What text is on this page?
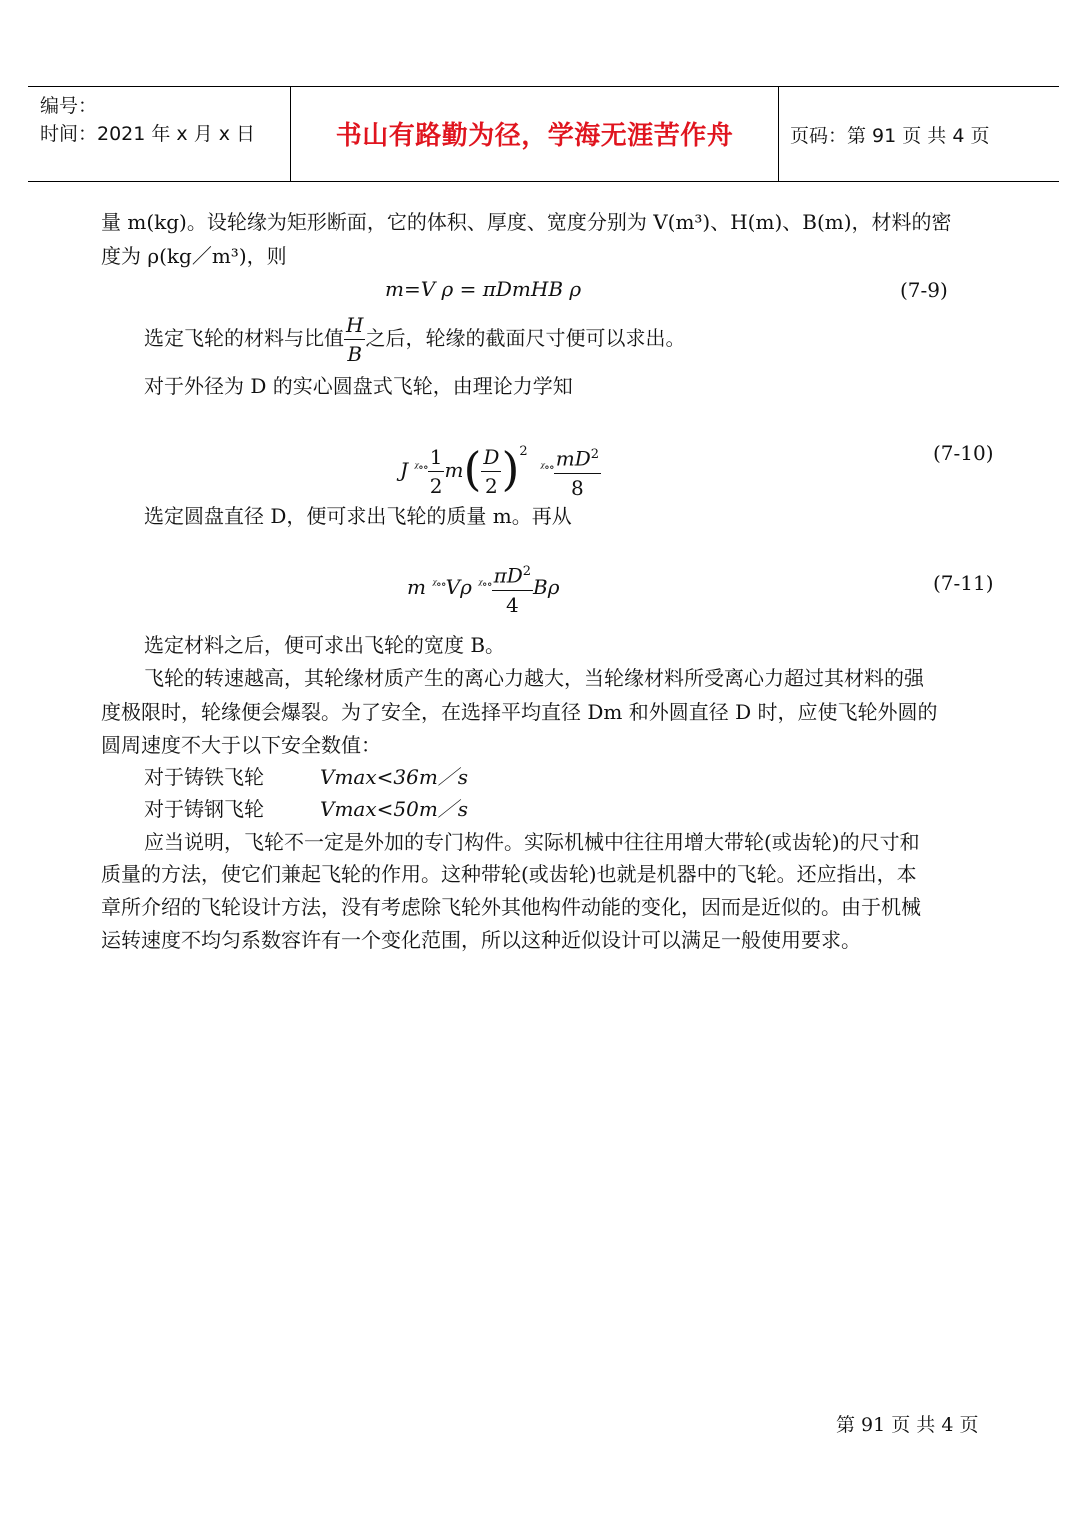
编号：
时间：2021 年 x 月 x 日	书山有路勤为径，学海无涯苦作舟	页码：第 91 页 共 4 页
量 m(kg)。设轮缘为矩形断面，它的体积、厚度、宽度分别为 V(m³)、H(m)、B(m)，材料的密
度为 ρ(kg／m³)，则
m=V ρ = πDmHB ρ	(7-9)
选定飞轮的材料与比值 $\frac{H}{B}$ 之后，轮缘的截面尺寸便可以求出。
对于外径为 D 的实心圆盘式飞轮，由理论力学知
J $^{ᵡ\circ\circ} \frac{1}{2} m( \frac{D}{2} )^2$  $^{ᵡ\circ\circ} \frac{mD^2}{8}$	(7-10)
选定圆盘直径 D，便可求出飞轮的质量 m。再从
m $^{ᵡ\circ\circ}$Vρ $^{ᵡ\circ\circ} \frac{\pi D^2}{4}$ Bρ	(7-11)
选定材料之后，便可求出飞轮的宽度 B。
飞轮的转速越高，其轮缘材质产生的离心力越大，当轮缘材料所受离心力超过其材料的强
度极限时，轮缘便会爆裂。为了安全，在选择平均直径 Dm 和外圆直径 D 时，应使飞轮外圆的
圆周速度不大于以下安全数值：
对于铸铁飞轮	Vmax<36m／s
对于铸钢飞轮	Vmax<50m／s
应当说明，飞轮不一定是外加的专门构件。实际机械中往往用增大带轮(或齿轮)的尺寸和
质量的方法，使它们兼起飞轮的作用。这种带轮(或齿轮)也就是机器中的飞轮。还应指出，本
章所介绍的飞轮设计方法，没有考虑除飞轮外其他构件动能的变化，因而是近似的。由于机械
运转速度不均匀系数容许有一个变化范围，所以这种近似设计可以满足一般使用要求。
第 91 页 共 4 页
